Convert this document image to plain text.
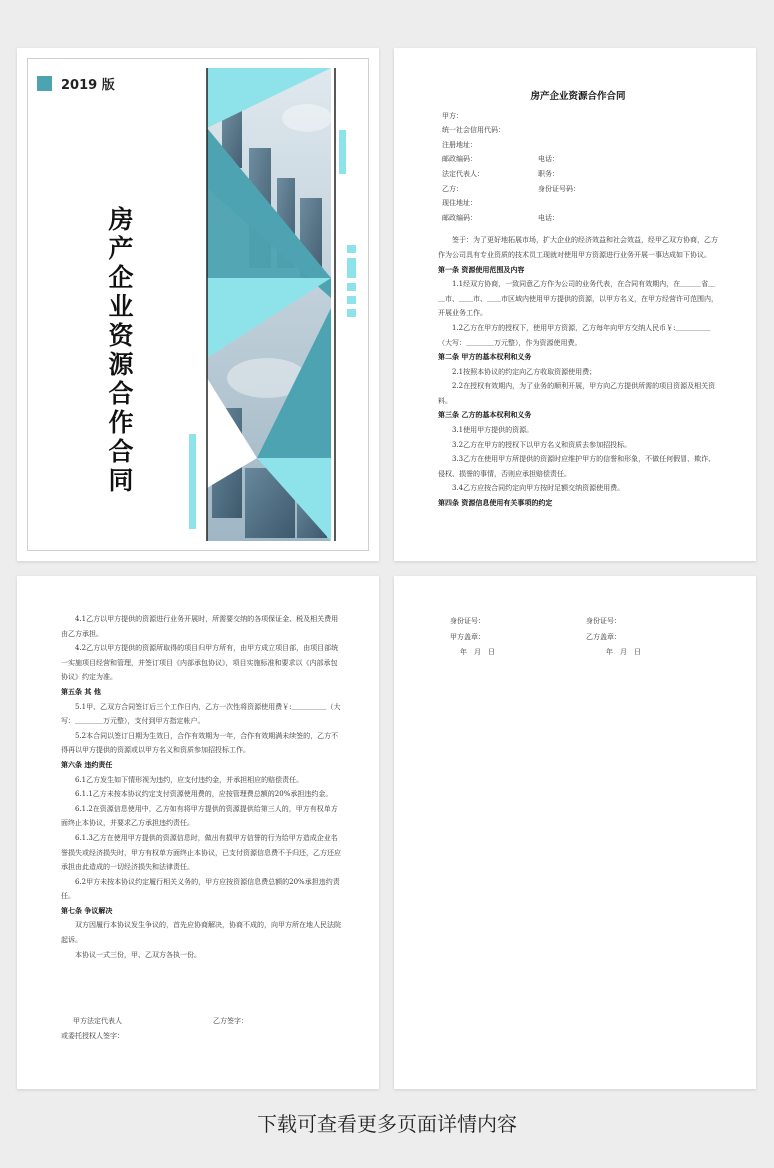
2019 版
房产企业资源合作合同

房产企业资源合作合同

甲方：

统一社会信用代码：

注册地址：

邮政编码：	电话：
法定代表人：	职务：
乙方：	身份证号码：

现住地址：

邮政编码：	电话：

签于：为了更好地拓展市场，扩大企业的经济效益和社会效益，经甲乙双方协商，乙方作为公司具有专业资质的技术员工现就对使用甲方资源进行业务开展一事达成如下协议。

第一条 资源使用范围及内容

1.1经双方协商，一致同意乙方作为公司的业务代表，在合同有效期内，在＿＿＿省＿＿市、＿＿市、＿＿市区域内使用甲方提供的资源，以甲方名义，在甲方经营许可范围内，开展业务工作。

1.2乙方在甲方的授权下，使用甲方资源，乙方每年向甲方交纳人民币￥:＿＿＿＿＿（大写：＿＿＿＿万元整），作为资源使用费。

第二条 甲方的基本权利和义务

2.1按照本协议的约定向乙方收取资源使用费；

2.2在授权有效期内，为了业务的顺利开展，甲方向乙方提供所需的项目资源及相关资料。

第三条 乙方的基本权利和义务

3.1使用甲方提供的资源。

3.2乙方在甲方的授权下以甲方名义和资质去参加招投标。

3.3乙方在使用甲方所提供的资源时应维护甲方的信誉和形象，不做任何假冒、欺诈、侵权、损誉的事情，否则应承担赔偿责任。

3.4乙方应按合同约定向甲方按时足额交纳资源使用费。

第四条 资源信息使用有关事项的约定

4.1乙方以甲方提供的资源进行业务开展时，所需要交纳的各项保证金、税及相关费用由乙方承担。

4.2乙方以甲方提供的资源所取得的项目归甲方所有，由甲方成立项目部，由项目部统一实施项目经营和管理，并签订项目《内部承包协议》，项目实施标准和要求以《内部承包协议》约定为准。

第五条 其 他

5.1甲、乙双方合同签订后三个工作日内，乙方一次性将资源使用费￥:＿＿＿＿＿（大写：＿＿＿＿万元整），支付到甲方指定帐户。

5.2本合同以签订日期为生效日，合作有效期为一年，合作有效期满未续签的，乙方不得再以甲方提供的资源或以甲方名义和资质参加招投标工作。

第六条 违约责任

6.1乙方发生如下情形视为违约，应支付违约金，并承担相应的赔偿责任。

6.1.1乙方未按本协议约定支付资源使用费的，应按管理费总额的20%承担违约金。

6.1.2在资源信息使用中，乙方如有将甲方提供的资源提供给第三人的，甲方有权单方面终止本协议，并要求乙方承担违约责任。

6.1.3乙方在使用甲方提供的资源信息时，做出有损甲方信誉的行为给甲方造成企业名誉损失或经济损失时，甲方有权单方面终止本协议，已支付资源信息费不予归还，乙方还应承担由此造成的一切经济损失和法律责任。

6.2甲方未按本协议约定履行相关义务的，甲方应按资源信息费总额的20%承担违约责任。

第七条 争议解决

双方因履行本协议发生争议的，首先应协商解决，协商不成的，向甲方所在地人民法院起诉。

本协议一式三份，甲、乙双方各执一份。

甲方法定代表人	乙方签字：
或委托授权人签字：
身份证号：	身份证号：
甲方盖章：	乙方盖章：
年　月　日	年　月　日
下载可查看更多页面详情内容
